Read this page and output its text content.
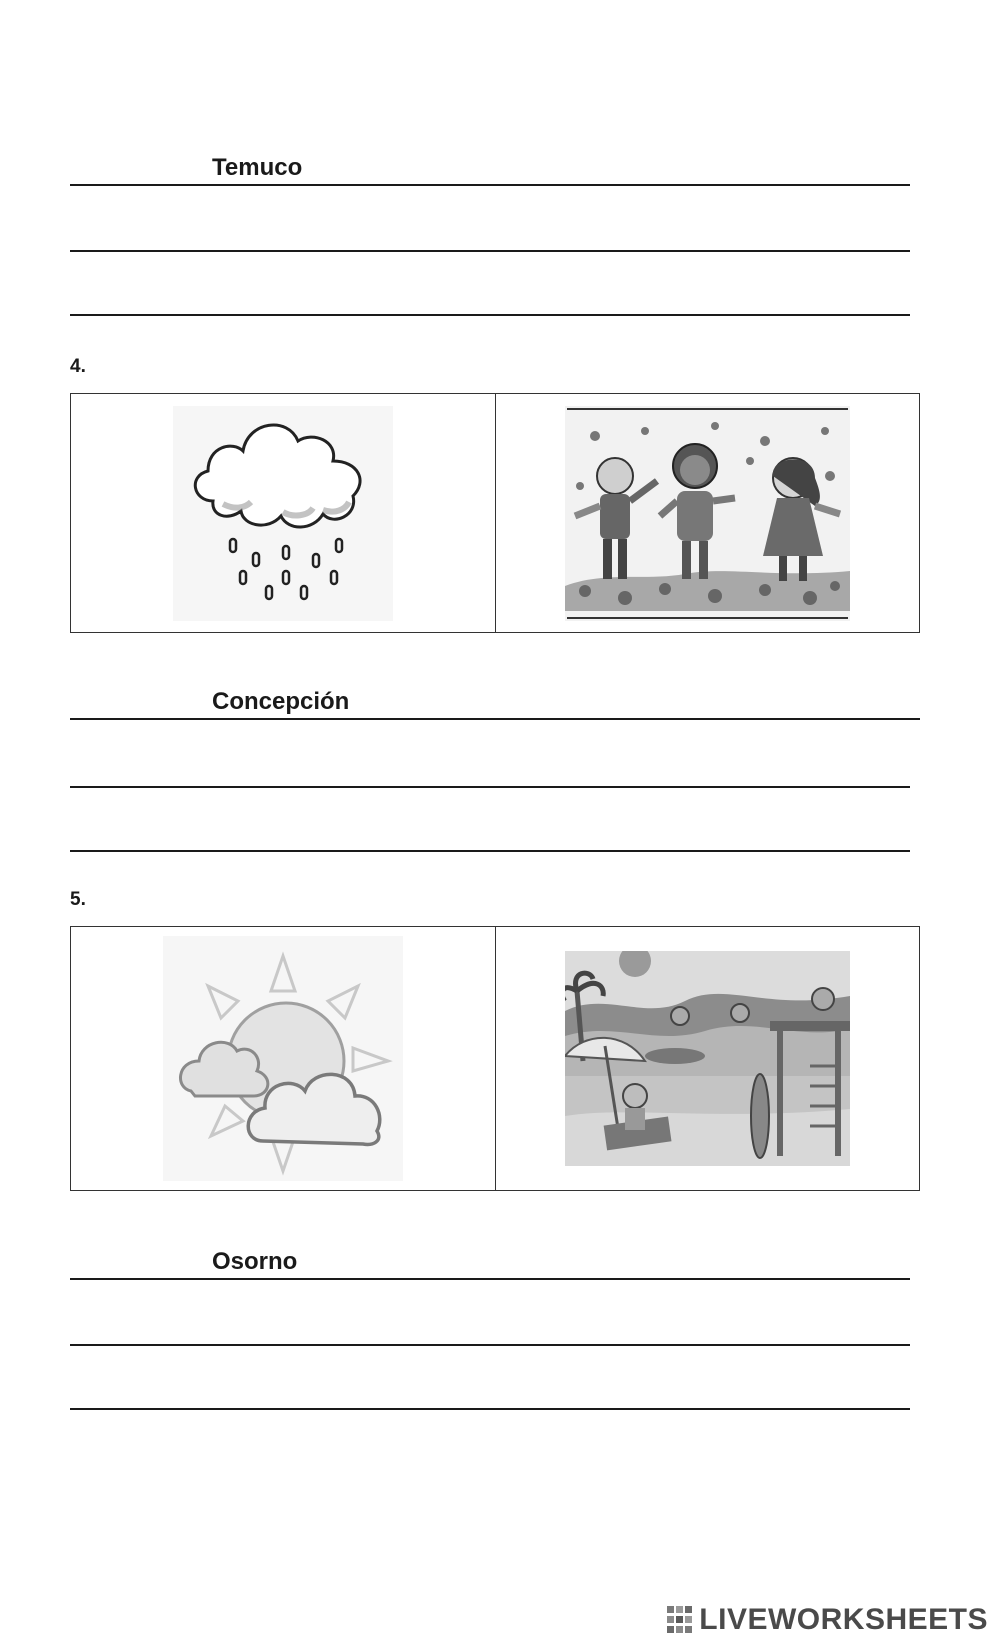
Temuco
4.
Concepción
5.
Osorno
LIVEWORKSHEETS
